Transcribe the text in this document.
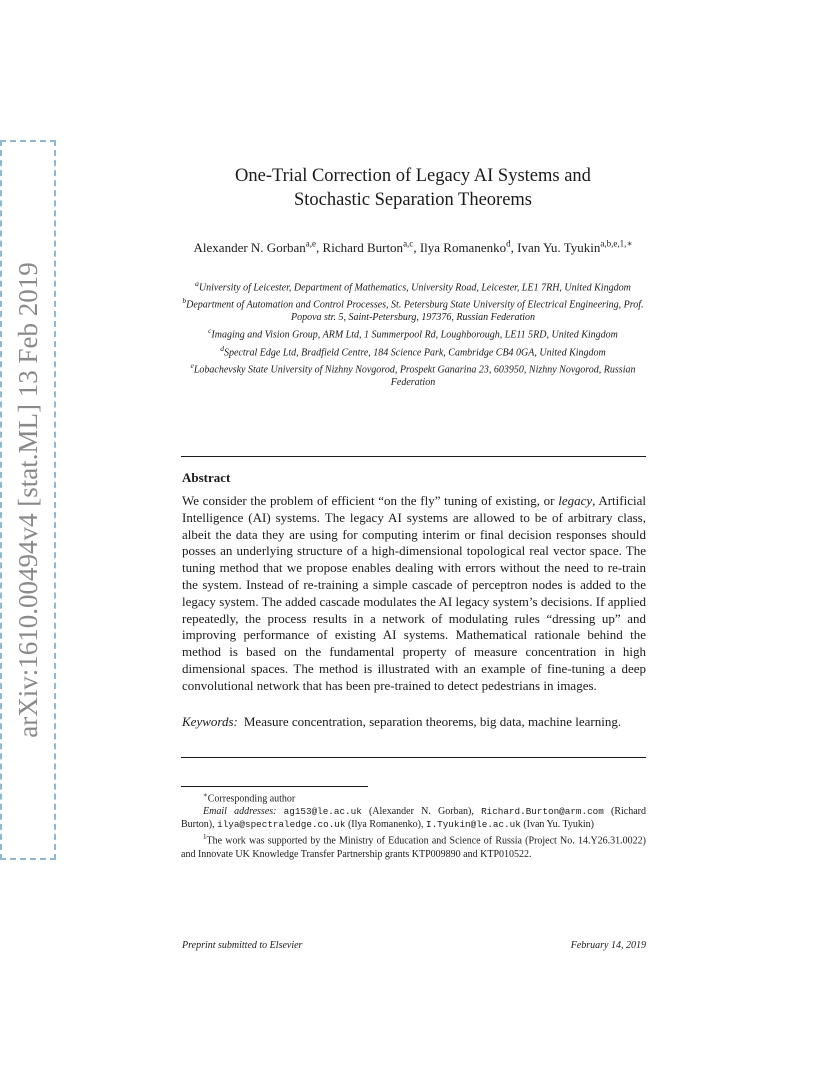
arXiv:1610.00494v4 [stat.ML] 13 Feb 2019
One-Trial Correction of Legacy AI Systems and
Stochastic Separation Theorems
Alexander N. Gorban$^{a,e}$, Richard Burton$^{a,c}$, Ilya Romanenko$^d$, Ivan Yu. Tyukin$^{a,b,e,1,∗}$
$^a$University of Leicester, Department of Mathematics, University Road, Leicester, LE1 7RH, United Kingdom
$^b$Department of Automation and Control Processes, St. Petersburg State University of Electrical Engineering, Prof. Popova str. 5, Saint-Petersburg, 197376, Russian Federation
$^c$Imaging and Vision Group, ARM Ltd, 1 Summerpool Rd, Loughborough, LE11 5RD, United Kingdom
$^d$Spectral Edge Ltd, Bradfield Centre, 184 Science Park, Cambridge CB4 0GA, United Kingdom
$^e$Lobachevsky State University of Nizhny Novgorod, Prospekt Ganarina 23, 603950, Nizhny Novgorod, Russian Federation
Abstract
We consider the problem of efficient “on the fly” tuning of existing, or legacy, Artificial Intelligence (AI) systems. The legacy AI systems are allowed to be of arbitrary class, albeit the data they are using for computing interim or final decision responses should posses an underlying structure of a high-dimensional topological real vector space. The tuning method that we propose enables dealing with errors without the need to re-train the system. Instead of re-training a simple cascade of perceptron nodes is added to the legacy system. The added cascade modulates the AI legacy system’s decisions. If applied repeatedly, the process results in a network of modulating rules “dressing up” and improving performance of existing AI systems. Mathematical rationale behind the method is based on the fundamental property of measure concentration in high dimensional spaces. The method is illustrated with an example of fine-tuning a deep convolutional network that has been pre-trained to detect pedestrians in images.
Keywords: Measure concentration, separation theorems, big data, machine learning.
∗Corresponding author
Email addresses: ag153@le.ac.uk (Alexander N. Gorban), Richard.Burton@arm.com (Richard Burton), ilya@spectraledge.co.uk (Ilya Romanenko), I.Tyukin@le.ac.uk (Ivan Yu. Tyukin)
$^1$The work was supported by the Ministry of Education and Science of Russia (Project No. 14.Y26.31.0022) and Innovate UK Knowledge Transfer Partnership grants KTP009890 and KTP010522.
Preprint submitted to Elsevier	February 14, 2019
